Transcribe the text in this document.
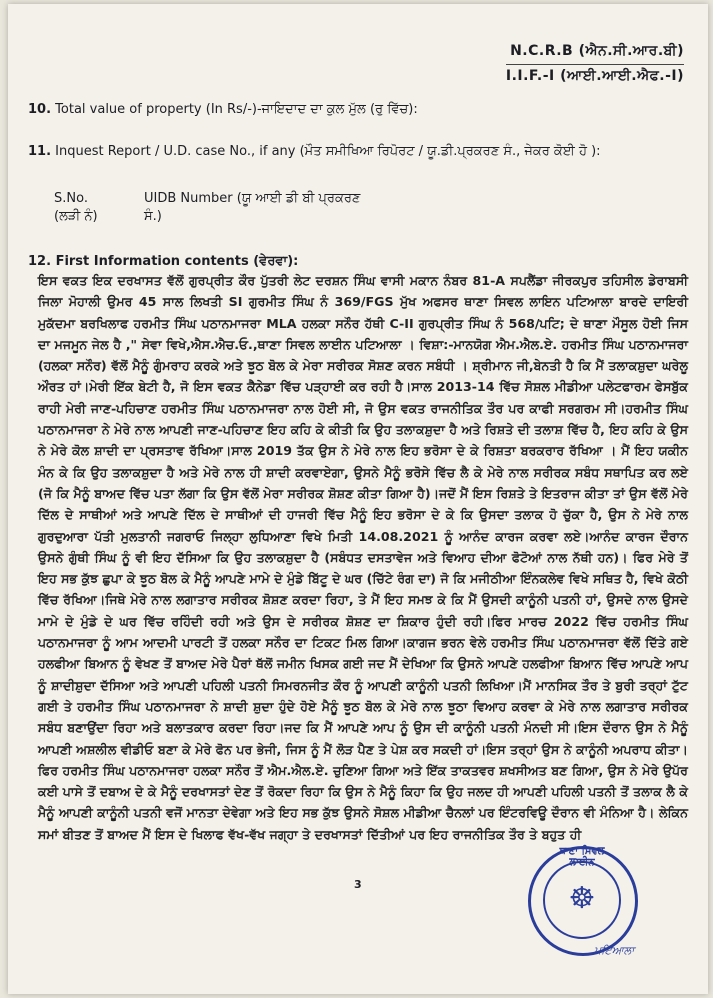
N.C.R.B (ਐਨ.ਸੀ.ਆਰ.ਬੀ)
I.I.F.-I (ਆਈ.ਆਈ.ਐਫ.-I)
10. Total value of property (In Rs/-)-ਜਾਇਦਾਦ ਦਾ ਕੁਲ ਮੁੱਲ (ਰੁ ਵਿੱਚ):
11. Inquest Report / U.D. case No., if any (ਮੌਤ ਸਮੀਖਿਆ ਰਿਪੋਰਟ / ਯੂ.ਡੀ.ਪ੍ਰਕਰਣ ਸੰ., ਜੇਕਰ ਕੋਈ ਹੋ ):
S.No. (ਲੜੀ ਨੰ)
UIDB Number (ਯੂ ਆਈ ਡੀ ਬੀ ਪ੍ਰਕਰਣ ਸੰ.)
12. First Information contents (ਵੇਰਵਾ):
ਇਸ ਵਕਤ ਇਕ ਦਰਖਾਸਤ ਵੱਲੋਂ ਗੁਰਪ੍ਰੀਤ ਕੌਰ ਪੁੱਤਰੀ ਲੇਟ ਦਰਸ਼ਨ ਸਿੰਘ ਵਾਸੀ ਮਕਾਨ ਨੰਬਰ 81-A ਸਪਲੈਂਡਾ ਜੀਰਕਪੁਰ ਤਹਿਸੀਲ ਡੇਰਾਬਸੀ ਜਿਲਾ ਮੋਹਾਲੀ ਉਮਰ 45 ਸਾਲ ਲਿਖਤੀ SI ਗੁਰਮੀਤ ਸਿੰਘ ਨੰ 369/FGS ਮੁੱਖ ਅਫਸਰ ਥਾਣਾ ਸਿਵਲ ਲਾਇਨ ਪਟਿਆਲਾ ਬਾਰਦੇ ਦਾਇਰੀ ਮੁਕੱਦਮਾ ਬਰਖਿਲਾਫ ਹਰਮੀਤ ਸਿੰਘ ਪਠਾਨਮਾਜਰਾ MLA ਹਲਕਾ ਸਨੌਰ ਹੱਥੀ C-II ਗੁਰਪ੍ਰੀਤ ਸਿੰਘ ਨੰ 568/ਪਟਿ; ਦੇ ਥਾਣਾ ਮੌਸੂਲ ਹੋਈ ਜਿਸ ਦਾ ਮਜਮੂਨ ਜੇਲ ਹੈ ," ਸੇਵਾ ਵਿਖੇ,ਐਸ.ਐਚ.ਓ.,ਥਾਣਾ ਸਿਵਲ ਲਾਈਨ ਪਟਿਆਲਾ । ਵਿਸ਼ਾ:-ਮਾਨਯੋਗ ਐਮ.ਐਲ.ਏ. ਹਰਮੀਤ ਸਿੰਘ ਪਠਾਨਮਾਜਰਾ (ਹਲਕਾ ਸਨੌਰ) ਵੱਲੋਂ ਮੈਨੂੰ ਗੁੰਮਰਾਹ ਕਰਕੇ ਅਤੇ ਝੂਠ ਬੋਲ ਕੇ ਮੇਰਾ ਸਰੀਰਕ ਸੋਸ਼ਣ ਕਰਨ ਸਬੰਧੀ । ਸ਼੍ਰੀਮਾਨ ਜੀ,ਬੇਨਤੀ ਹੈ ਕਿ ਮੈਂ ਤਲਾਕਸ਼ੁਦਾ ਘਰੇਲੂ ਔਰਤ ਹਾਂ।ਮੇਰੀ ਇੱਕ ਬੇਟੀ ਹੈ, ਜੋ ਇਸ ਵਕਤ ਕੈਨੇਡਾ ਵਿੱਚ ਪੜ੍ਹਾਈ ਕਰ ਰਹੀ ਹੈ।ਸਾਲ 2013-14 ਵਿੱਚ ਸੋਸ਼ਲ ਮੀਡੀਆ ਪਲੇਟਫਾਰਮ ਫੇਸਬੁੱਕ ਰਾਹੀ ਮੇਰੀ ਜਾਣ-ਪਹਿਚਾਣ ਹਰਮੀਤ ਸਿੰਘ ਪਠਾਨਮਾਜਰਾ ਨਾਲ ਹੋਈ ਸੀ, ਜੋ ਉਸ ਵਕਤ ਰਾਜਨੀਤਿਕ ਤੌਰ ਪਰ ਕਾਫੀ ਸਰਗਰਮ ਸੀ।ਹਰਮੀਤ ਸਿੰਘ ਪਠਾਨਮਾਜਰਾ ਨੇ ਮੇਰੇ ਨਾਲ ਆਪਣੀ ਜਾਣ-ਪਹਿਚਾਣ ਇਹ ਕਹਿ ਕੇ ਕੀਤੀ ਕਿ ਉਹ ਤਲਾਕਸ਼ੁਦਾ ਹੈ ਅਤੇ ਰਿਸ਼ਤੇ ਦੀ ਤਲਾਸ਼ ਵਿੱਚ ਹੈ, ਇਹ ਕਹਿ ਕੇ ਉਸ ਨੇ ਮੇਰੇ ਕੋਲ ਸ਼ਾਦੀ ਦਾ ਪ੍ਰਸਤਾਵ ਰੱਖਿਆ।ਸਾਲ 2019 ਤੱਕ ਉਸ ਨੇ ਮੇਰੇ ਨਾਲ ਇਹ ਭਰੋਸਾ ਦੇ ਕੇ ਰਿਸ਼ਤਾ ਬਰਕਰਾਰ ਰੱਖਿਆ । ਮੈਂ ਇਹ ਯਕੀਨ ਮੰਨ ਕੇ ਕਿ ਉਹ ਤਲਾਕਸ਼ੁਦਾ ਹੈ ਅਤੇ ਮੇਰੇ ਨਾਲ ਹੀ ਸ਼ਾਦੀ ਕਰਵਾਏਗਾ, ਉਸਨੇ ਮੈਨੂੰ ਭਰੋਸੇ ਵਿੱਚ ਲੈ ਕੇ ਮੇਰੇ ਨਾਲ ਸਰੀਰਕ ਸਬੰਧ ਸਥਾਪਿਤ ਕਰ ਲਏ (ਜੋ ਕਿ ਮੈਨੂੰ ਬਾਅਦ ਵਿੱਚ ਪਤਾ ਲੱਗਾ ਕਿ ਉਸ ਵੱਲੋਂ ਮੇਰਾ ਸਰੀਰਕ ਸ਼ੋਸ਼ਣ ਕੀਤਾ ਗਿਆ ਹੈ)।ਜਦੋਂ ਮੈਂ ਇਸ ਰਿਸ਼ਤੇ ਤੇ ਇਤਰਾਜ ਕੀਤਾ ਤਾਂ ਉਸ ਵੱਲੋਂ ਮੇਰੇ ਦਿੱਲ ਦੇ ਸਾਥੀਆਂ ਅਤੇ ਆਪਣੇ ਦਿੱਲ ਦੇ ਸਾਥੀਆਂ ਦੀ ਹਾਜਰੀ ਵਿੱਚ ਮੈਨੂੰ ਇਹ ਭਰੋਸਾ ਦੇ ਕੇ ਕਿ ਉਸਦਾ ਤਲਾਕ ਹੋ ਚੁੱਕਾ ਹੈ, ਉਸ ਨੇ ਮੇਰੇ ਨਾਲ ਗੁਰਦੁਆਰਾ ਪੱਤੀ ਮੁਲਤਾਨੀ ਜਗਰਾਓ ਜਿਲ੍ਹਾ ਲੁਧਿਆਣਾ ਵਿਖੇ ਮਿਤੀ 14.08.2021 ਨੂੰ ਆਨੰਦ ਕਾਰਜ ਕਰਵਾ ਲਏ।ਆਨੰਦ ਕਾਰਜ ਦੌਰਾਨ ਉਸਨੇ ਗੁੰਥੀ ਸਿੰਘ ਨੂੰ ਵੀ ਇਹ ਦੱਸਿਆ ਕਿ ਉਹ ਤਲਾਕਸ਼ੁਦਾ ਹੈ (ਸਬੰਧਤ ਦਸਤਾਵੇਜ ਅਤੇ ਵਿਆਹ ਦੀਆ ਫੋਟੋਆਂ ਨਾਲ ਨੱਥੀ ਹਨ)। ਫਿਰ ਮੇਰੇ ਤੋਂ ਇਹ ਸਭ ਕੁੱਝ ਛੁਪਾ ਕੇ ਝੂਠ ਬੋਲ ਕੇ ਮੈਨੂੰ ਆਪਣੇ ਮਾਮੇ ਦੇ ਮੁੰਡੇ ਬਿੱਟੂ ਦੇ ਘਰ (ਚਿੱਟੇ ਰੰਗ ਦਾ) ਜੋ ਕਿ ਮਜੀਠੀਆ ਇੰਨਕਲੇਵ ਵਿਖੇ ਸਥਿਤ ਹੈ, ਵਿਖੇ ਕੋਠੀ ਵਿੱਚ ਰੱਖਿਆ।ਜਿਥੇ ਮੇਰੇ ਨਾਲ ਲਗਾਤਾਰ ਸਰੀਰਕ ਸ਼ੋਸ਼ਣ ਕਰਦਾ ਰਿਹਾ, ਤੇ ਮੈਂ ਇਹ ਸਮਝ ਕੇ ਕਿ ਮੈਂ ਉਸਦੀ ਕਾਨੂੰਨੀ ਪਤਨੀ ਹਾਂ, ਉਸਦੇ ਨਾਲ ਉਸਦੇ ਮਾਮੇ ਦੇ ਮੁੰਡੇ ਦੇ ਘਰ ਵਿੱਚ ਰਹਿੰਦੀ ਰਹੀ ਅਤੇ ਉਸ ਦੇ ਸਰੀਰਕ ਸ਼ੋਸ਼ਣ ਦਾ ਸ਼ਿਕਾਰ ਹੁੰਦੀ ਰਹੀ।ਫਿਰ ਮਾਰਚ 2022 ਵਿੱਚ ਹਰਮੀਤ ਸਿੰਘ ਪਠਾਨਮਾਜਰਾ ਨੂੰ ਆਮ ਆਦਮੀ ਪਾਰਟੀ ਤੋਂ ਹਲਕਾ ਸਨੌਰ ਦਾ ਟਿਕਟ ਮਿਲ ਗਿਆ।ਕਾਗਜ ਭਰਨ ਵੇਲੇ ਹਰਮੀਤ ਸਿੰਘ ਪਠਾਨਮਾਜਰਾ ਵੱਲੋਂ ਦਿੱਤੇ ਗਏ ਹਲਫੀਆ ਬਿਆਨ ਨੂੰ ਵੇਖਣ ਤੋਂ ਬਾਅਦ ਮੇਰੇ ਪੈਰਾਂ ਥੱਲੋਂ ਜਮੀਨ ਖਿਸਕ ਗਈ ਜਦ ਮੈਂ ਦੇਖਿਆ ਕਿ ਉਸਨੇ ਆਪਣੇ ਹਲਫੀਆ ਬਿਆਨ ਵਿੱਚ ਆਪਣੇ ਆਪ ਨੂੰ ਸ਼ਾਦੀਸ਼ੁਦਾ ਦੱਸਿਆ ਅਤੇ ਆਪਣੀ ਪਹਿਲੀ ਪਤਨੀ ਸਿਮਰਨਜੀਤ ਕੌਰ ਨੂੰ ਆਪਣੀ ਕਾਨੂੰਨੀ ਪਤਨੀ ਲਿਖਿਆ।ਮੈਂ ਮਾਨਸਿਕ ਤੌਰ ਤੇ ਬੁਰੀ ਤਰ੍ਹਾਂ ਟੁੱਟ ਗਈ ਤੇ ਹਰਮੀਤ ਸਿੰਘ ਪਠਾਨਮਾਜਰਾ ਨੇ ਸ਼ਾਦੀ ਸ਼ੁਦਾ ਹੁੰਦੇ ਹੋਏ ਮੈਨੂੰ ਝੂਠ ਬੋਲ ਕੇ ਮੇਰੇ ਨਾਲ ਝੂਠਾ ਵਿਆਹ ਕਰਵਾ ਕੇ ਮੇਰੇ ਨਾਲ ਲਗਾਤਾਰ ਸਰੀਰਕ ਸਬੰਧ ਬਣਾਉਂਦਾ ਰਿਹਾ ਅਤੇ ਬਲਾਤਕਾਰ ਕਰਦਾ ਰਿਹਾ।ਜਦ ਕਿ ਮੈਂ ਆਪਣੇ ਆਪ ਨੂੰ ਉਸ ਦੀ ਕਾਨੂੰਨੀ ਪਤਨੀ ਮੰਨਦੀ ਸੀ।ਇਸ ਦੌਰਾਨ ਉਸ ਨੇ ਮੈਨੂੰ ਆਪਣੀ ਅਸ਼ਲੀਲ ਵੀਡੀਓ ਬਣਾ ਕੇ ਮੇਰੇ ਫੋਨ ਪਰ ਭੇਜੀ, ਜਿਸ ਨੂੰ ਮੈਂ ਲੋੜ ਪੈਣ ਤੇ ਪੇਸ਼ ਕਰ ਸਕਦੀ ਹਾਂ।ਇਸ ਤਰ੍ਹਾਂ ਉਸ ਨੇ ਕਾਨੂੰਨੀ ਅਪਰਾਧ ਕੀਤਾ।ਫਿਰ ਹਰਮੀਤ ਸਿੰਘ ਪਠਾਨਮਾਜਰਾ ਹਲਕਾ ਸਨੌਰ ਤੋਂ ਐਮ.ਐਲ.ਏ. ਚੁਣਿਆ ਗਿਆ ਅਤੇ ਇੱਕ ਤਾਕਤਵਰ ਸ਼ਖਸੀਅਤ ਬਣ ਗਿਆ, ਉਸ ਨੇ ਮੇਰੇ ਉਪੱਰ ਕਈ ਪਾਸੇ ਤੋਂ ਦਬਾਅ ਦੇ ਕੇ ਮੈਨੂੰ ਦਰਖਾਸਤਾਂ ਦੇਣ ਤੋਂ ਰੋਕਦਾ ਰਿਹਾ ਕਿ ਉਸ ਨੇ ਮੈਨੂੰ ਕਿਹਾ ਕਿ ਉਹ ਜਲਦ ਹੀ ਆਪਣੀ ਪਹਿਲੀ ਪਤਨੀ ਤੋਂ ਤਲਾਕ ਲੈ ਕੇ ਮੈਨੂੰ ਆਪਣੀ ਕਾਨੂੰਨੀ ਪਤਨੀ ਵਜੋਂ ਮਾਨਤਾ ਦੇਵੇਗਾ ਅਤੇ ਇਹ ਸਭ ਕੁੱਝ ਉਸਨੇ ਸੋਸ਼ਲ ਮੀਡੀਆ ਚੈਨਲਾਂ ਪਰ ਇੰਟਰਵਿਊ ਦੌਰਾਨ ਵੀ ਮੰਨਿਆ ਹੈ। ਲੇਕਿਨ ਸਮਾਂ ਬੀਤਣ ਤੋਂ ਬਾਅਦ ਮੈਂ ਇਸ ਦੇ ਖਿਲਾਫ ਵੱਖ-ਵੱਖ ਜਗ੍ਹਾ ਤੇ ਦਰਖਾਸਤਾਂ ਦਿੱਤੀਆਂ ਪਰ ਇਹ ਰਾਜਨੀਤਿਕ ਤੌਰ ਤੇ ਬਹੁਤ ਹੀ
3	☸
ਥਾਣਾ ਸਿਵਲ ਲਾਈਨ
ਪਟਿਆਲਾ
